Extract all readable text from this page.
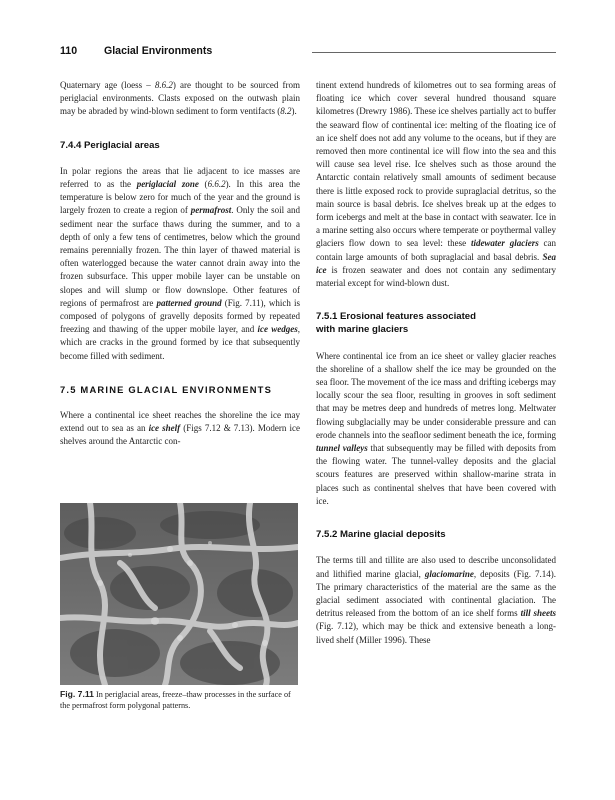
110	Glacial Environments

Quaternary age (loess – 8.6.2) are thought to be sourced from periglacial environments. Clasts exposed on the outwash plain may be abraded by wind-blown sediment to form ventifacts (8.2).

7.4.4 Periglacial areas

In polar regions the areas that lie adjacent to ice masses are referred to as the periglacial zone (6.6.2). In this area the temperature is below zero for much of the year and the ground is largely frozen to create a region of permafrost. Only the soil and sediment near the surface thaws during the summer, and to a depth of only a few tens of centimetres, below which the ground remains perennially frozen. The thin layer of thawed material is often waterlogged because the water cannot drain away into the frozen subsurface. This upper mobile layer can be unstable on slopes and will slump or flow downslope. Other features of regions of permafrost are patterned ground (Fig. 7.11), which is composed of polygons of gravelly deposits formed by repeated freezing and thawing of the upper mobile layer, and ice wedges, which are cracks in the ground formed by ice that subsequently become filled with sediment.

7.5 MARINE GLACIAL ENVIRONMENTS

Where a continental ice sheet reaches the shoreline the ice may extend out to sea as an ice shelf (Figs 7.12 & 7.13). Modern ice shelves around the Antarctic con-

Fig. 7.11 In periglacial areas, freeze–thaw processes in the surface of the permafrost form polygonal patterns.

tinent extend hundreds of kilometres out to sea forming areas of floating ice which cover several hundred thousand square kilometres (Drewry 1986). These ice shelves partially act to buffer the seaward flow of continental ice: melting of the floating ice of an ice shelf does not add any volume to the oceans, but if they are removed then more continental ice will flow into the sea and this will cause sea level rise. Ice shelves such as those around the Antarctic contain relatively small amounts of sediment because there is little exposed rock to provide supraglacial detritus, so the main source is basal debris. Ice shelves break up at the edges to form icebergs and melt at the base in contact with seawater. Ice in a marine setting also occurs where temperate or poythermal valley glaciers flow down to sea level: these tidewater glaciers can contain large amounts of both supraglacial and basal debris. Sea ice is frozen seawater and does not contain any sedimentary material except for wind-blown dust.

7.5.1 Erosional features associated
with marine glaciers

Where continental ice from an ice sheet or valley glacier reaches the shoreline of a shallow shelf the ice may be grounded on the sea floor. The movement of the ice mass and drifting icebergs may locally scour the sea floor, resulting in grooves in soft sediment that may be metres deep and hundreds of metres long. Meltwater flowing subglacially may be under considerable pressure and can erode channels into the seafloor sediment beneath the ice, forming tunnel valleys that subsequently may be filled with deposits from the flowing water. The tunnel-valley deposits and the glacial scours features are preserved within shallow-marine strata in places such as continental shelves that have been covered with ice.

7.5.2 Marine glacial deposits

The terms till and tillite are also used to describe unconsolidated and lithified marine glacial, glaciomarine, deposits (Fig. 7.14). The primary characteristics of the material are the same as the glacial sediment associated with continental glaciation. The detritus released from the bottom of an ice shelf forms till sheets (Fig. 7.12), which may be thick and extensive beneath a long-lived shelf (Miller 1996). These
